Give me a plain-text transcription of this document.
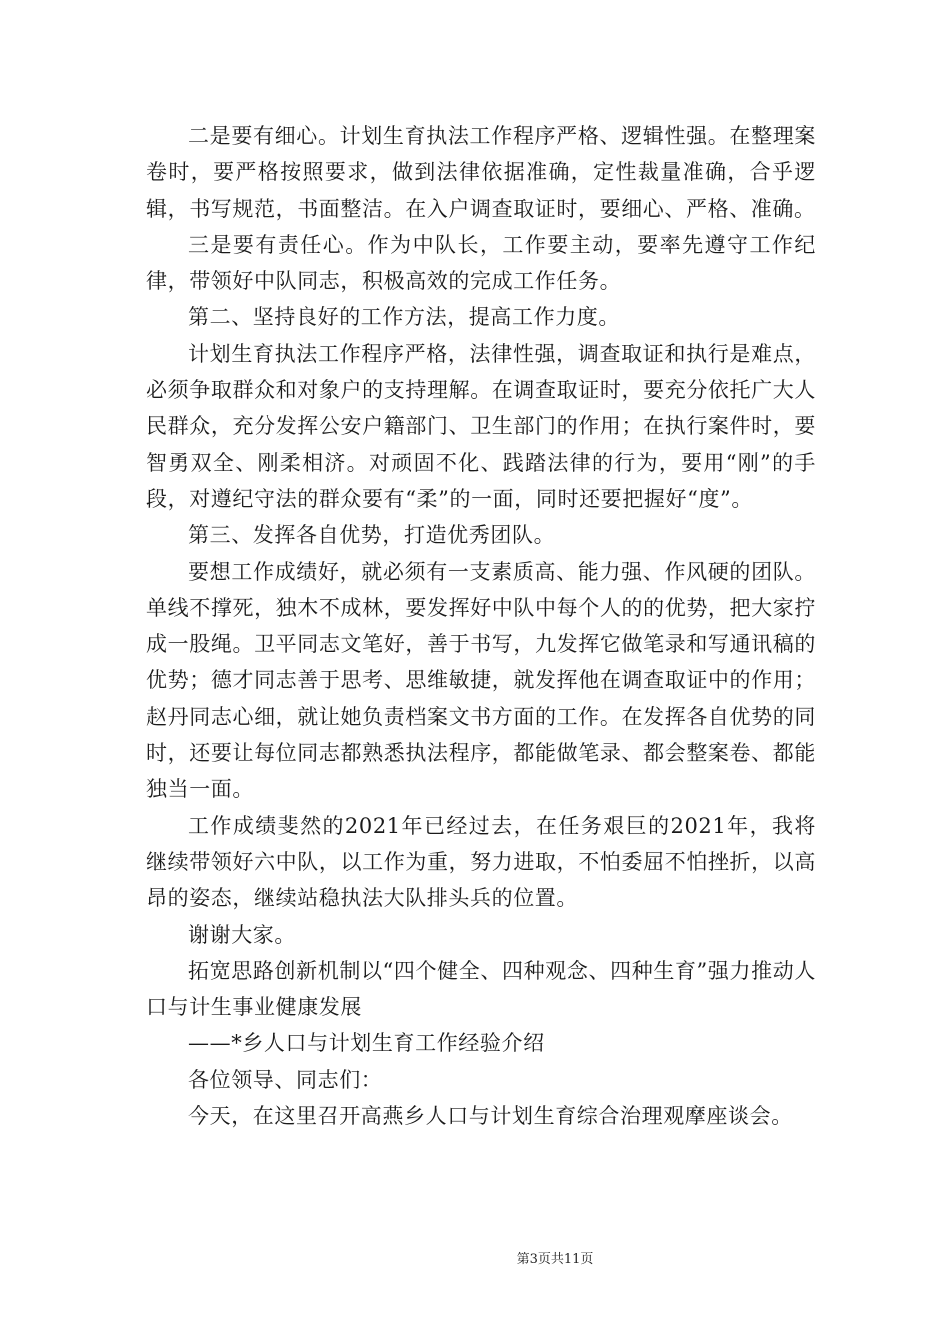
二是要有细心。计划生育执法工作程序严格、逻辑性强。在整理案卷时，要严格按照要求，做到法律依据准确，定性裁量准确，合乎逻辑，书写规范，书面整洁。在入户调查取证时，要细心、严格、准确。

三是要有责任心。作为中队长，工作要主动，要率先遵守工作纪律，带领好中队同志，积极高效的完成工作任务。

第二、坚持良好的工作方法，提高工作力度。

计划生育执法工作程序严格，法律性强，调查取证和执行是难点，必须争取群众和对象户的支持理解。在调查取证时，要充分依托广大人民群众，充分发挥公安户籍部门、卫生部门的作用；在执行案件时，要智勇双全、刚柔相济。对顽固不化、践踏法律的行为，要用“刚”的手段，对遵纪守法的群众要有“柔”的一面，同时还要把握好“度”。

第三、发挥各自优势，打造优秀团队。

要想工作成绩好，就必须有一支素质高、能力强、作风硬的团队。单线不撑死，独木不成林，要发挥好中队中每个人的的优势，把大家拧成一股绳。卫平同志文笔好，善于书写，九发挥它做笔录和写通讯稿的优势；德才同志善于思考、思维敏捷，就发挥他在调查取证中的作用；赵丹同志心细，就让她负责档案文书方面的工作。在发挥各自优势的同时，还要让每位同志都熟悉执法程序，都能做笔录、都会整案卷、都能独当一面。

工作成绩斐然的2021年已经过去，在任务艰巨的2021年，我将继续带领好六中队，以工作为重，努力进取，不怕委屈不怕挫折，以高昂的姿态，继续站稳执法大队排头兵的位置。

谢谢大家。

拓宽思路创新机制以“四个健全、四种观念、四种生育”强力推动人口与计生事业健康发展

——*乡人口与计划生育工作经验介绍

各位领导、同志们：

今天，在这里召开高燕乡人口与计划生育综合治理观摩座谈会。

第3页共11页
